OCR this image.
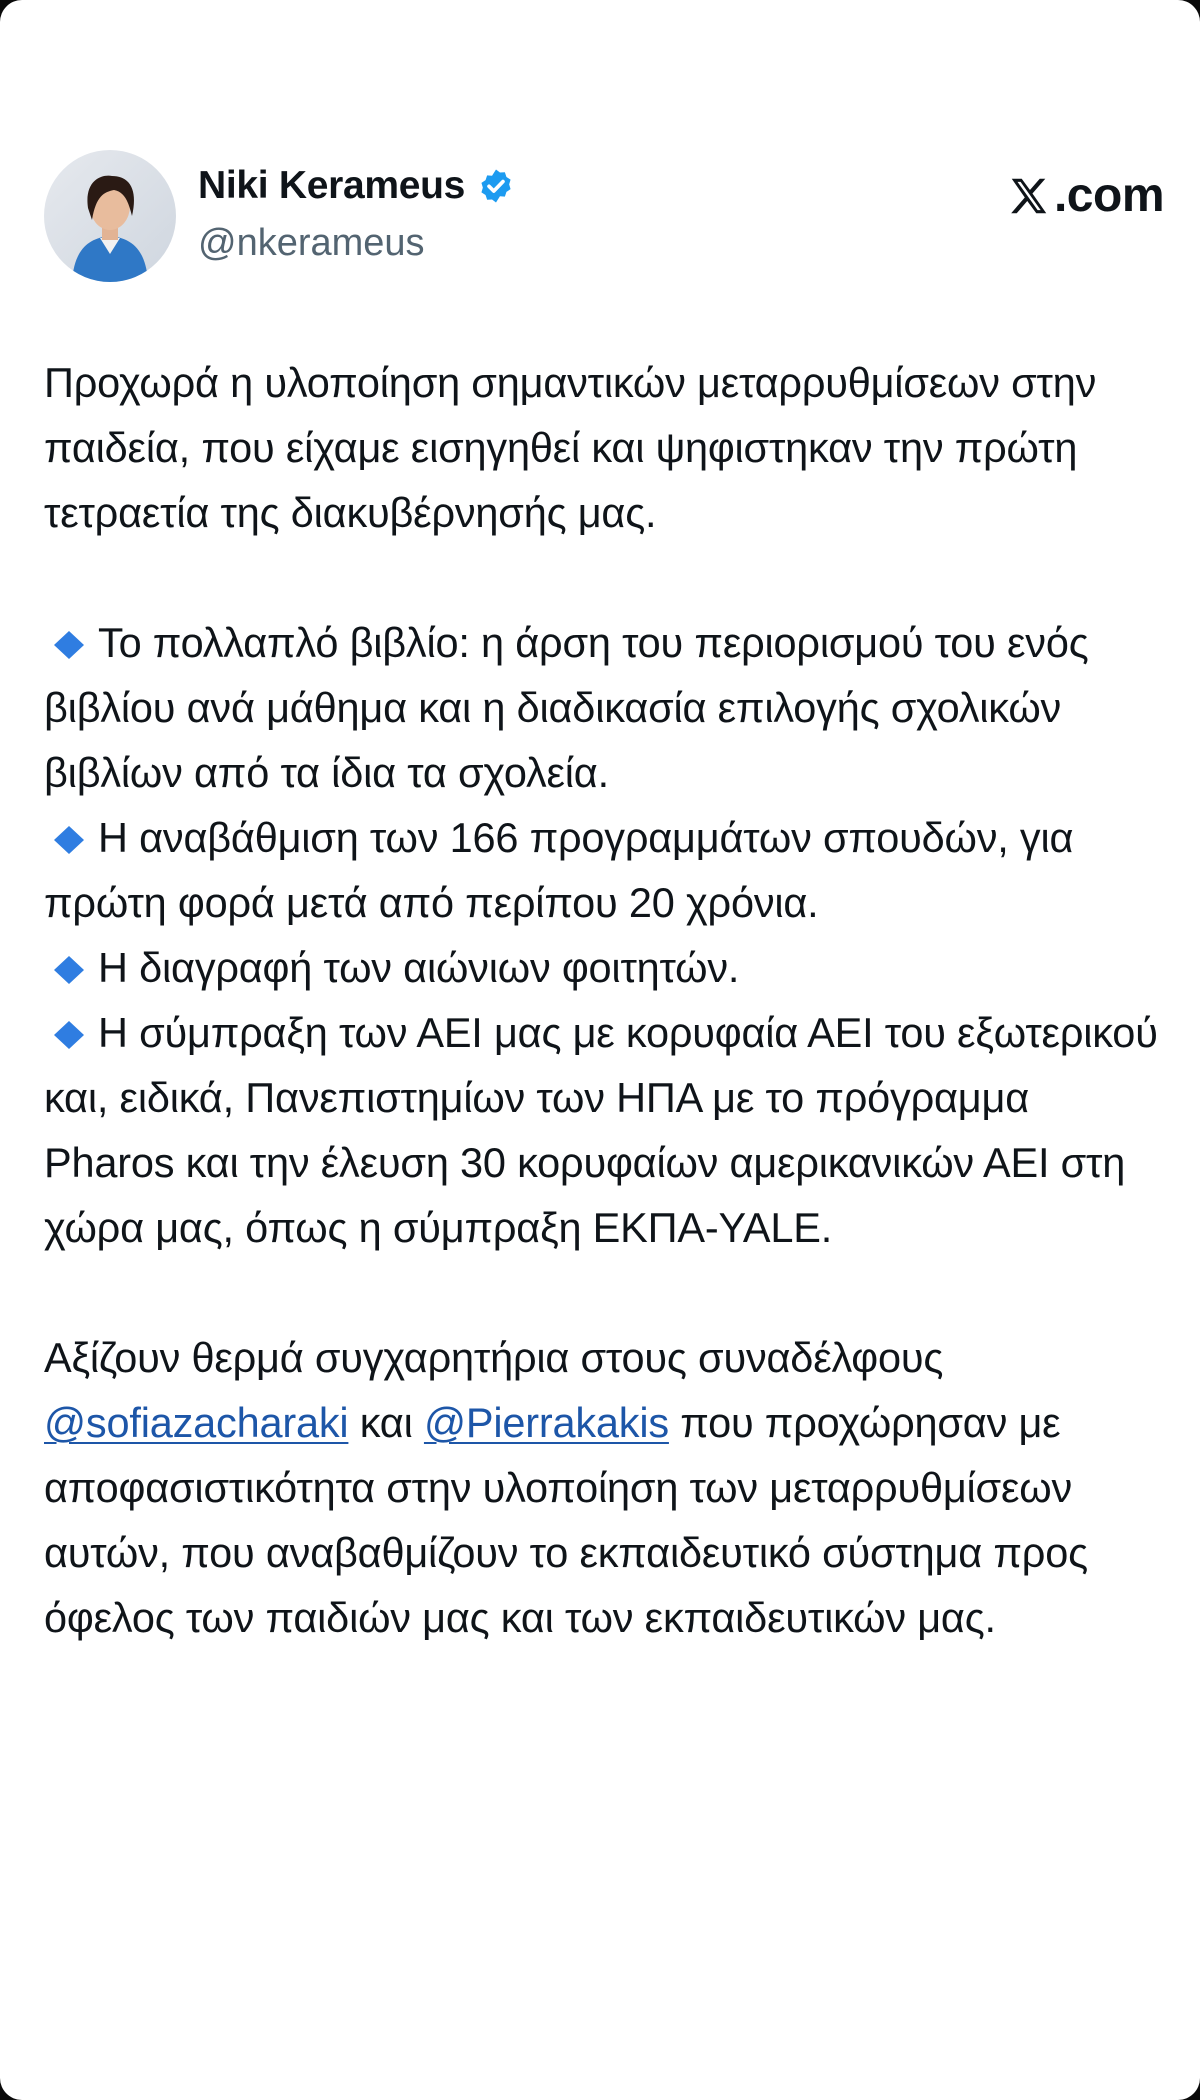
Niki Kerameus
@nkerameus
.com

Προχωρά η υλοποίηση σημαντικών μεταρρυθμίσεων στην παιδεία, που είχαμε εισηγηθεί και ψηφιστηκαν την πρώτη τετραετία της διακυβέρνησής μας.

Το πολλαπλό βιβλίο: η άρση του περιορισμού του ενός βιβλίου ανά μάθημα και η διαδικασία επιλογής σχολικών βιβλίων από τα ίδια τα σχολεία.
Η αναβάθμιση των 166 προγραμμάτων σπουδών, για πρώτη φορά μετά από περίπου 20 χρόνια.
Η διαγραφή των αιώνιων φοιτητών.
Η σύμπραξη των ΑΕΙ μας με κορυφαία ΑΕΙ του εξωτερικού και, ειδικά, Πανεπιστημίων των ΗΠΑ με το πρόγραμμα Pharos και την έλευση 30 κορυφαίων αμερικανικών ΑΕΙ στη χώρα μας, όπως η σύμπραξη ΕΚΠΑ-YALE.

Αξίζουν θερμά συγχαρητήρια στους συναδέλφους @sofiazacharaki και @Pierrakakis που προχώρησαν με αποφασιστικότητα στην υλοποίηση των μεταρρυθμίσεων αυτών, που αναβαθμίζουν το εκπαιδευτικό σύστημα προς όφελος των παιδιών μας και των εκπαιδευτικών μας.
